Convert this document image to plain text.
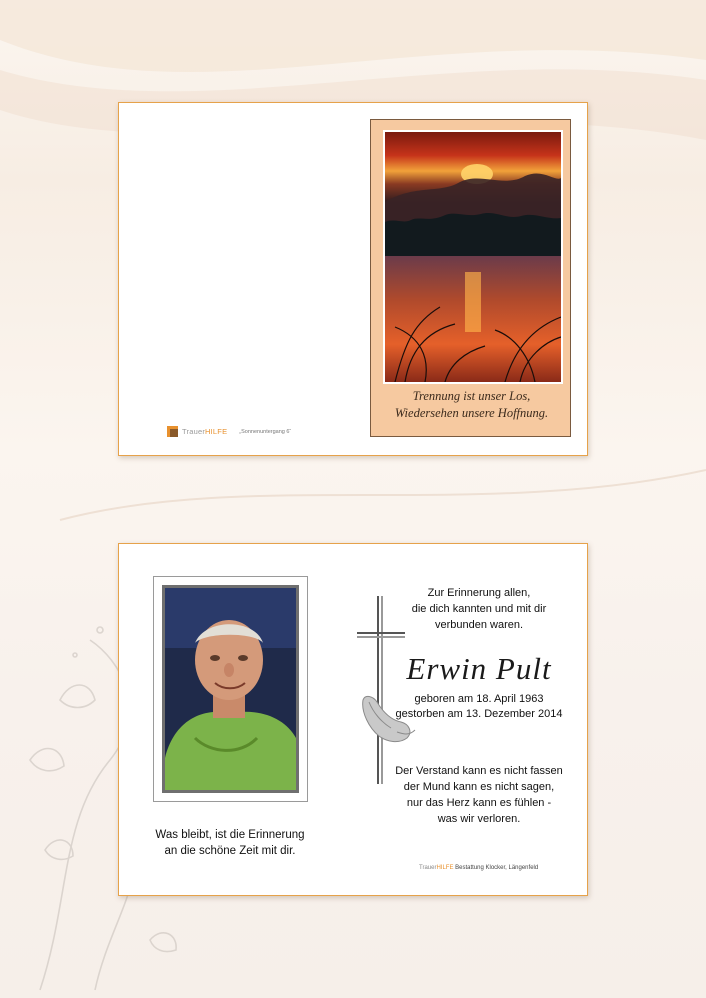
Trennung ist unser Los,
Wiedersehen unsere Hoffnung.
TrauerHILFE „Sonnenuntergang 6“
Was bleibt, ist die Erinnerung
an die schöne Zeit mit dir.
Zur Erinnerung allen,
die dich kannten und mit dir
verbunden waren.
Erwin Pult
geboren am 18. April 1963
gestorben am 13. Dezember 2014
Der Verstand kann es nicht fassen
der Mund kann es nicht sagen,
nur das Herz kann es fühlen -
was wir verloren.
TrauerHILFE Bestattung Klocker, Längenfeld
